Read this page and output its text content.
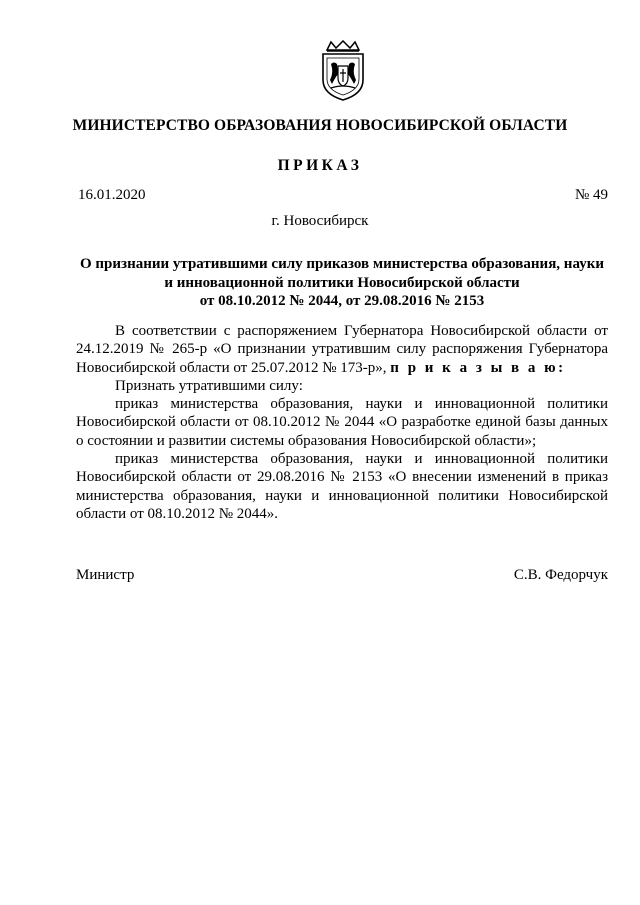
МИНИСТЕРСТВО ОБРАЗОВАНИЯ НОВОСИБИРСКОЙ ОБЛАСТИ
ПРИКАЗ
16.01.2020	№ 49
г. Новосибирск
О признании утратившими силу приказов министерства образования, науки
и инновационной политики Новосибирской области
от 08.10.2012 № 2044, от 29.08.2016 № 2153

В соответствии с распоряжением Губернатора Новосибирской области от 24.12.2019 № 265-р «О признании утратившим силу распоряжения Губернатора Новосибирской области от 25.07.2012 № 173-р», п р и к а з ы в а ю:

Признать утратившими силу:

приказ министерства образования, науки и инновационной политики Новосибирской области от 08.10.2012 № 2044 «О разработке единой базы данных о состоянии и развитии системы образования Новосибирской области»;

приказ министерства образования, науки и инновационной политики Новосибирской области от 29.08.2016 № 2153 «О внесении изменений в приказ министерства образования, науки и инновационной политики Новосибирской области от 08.10.2012 № 2044».

Министр	С.В. Федорчук
